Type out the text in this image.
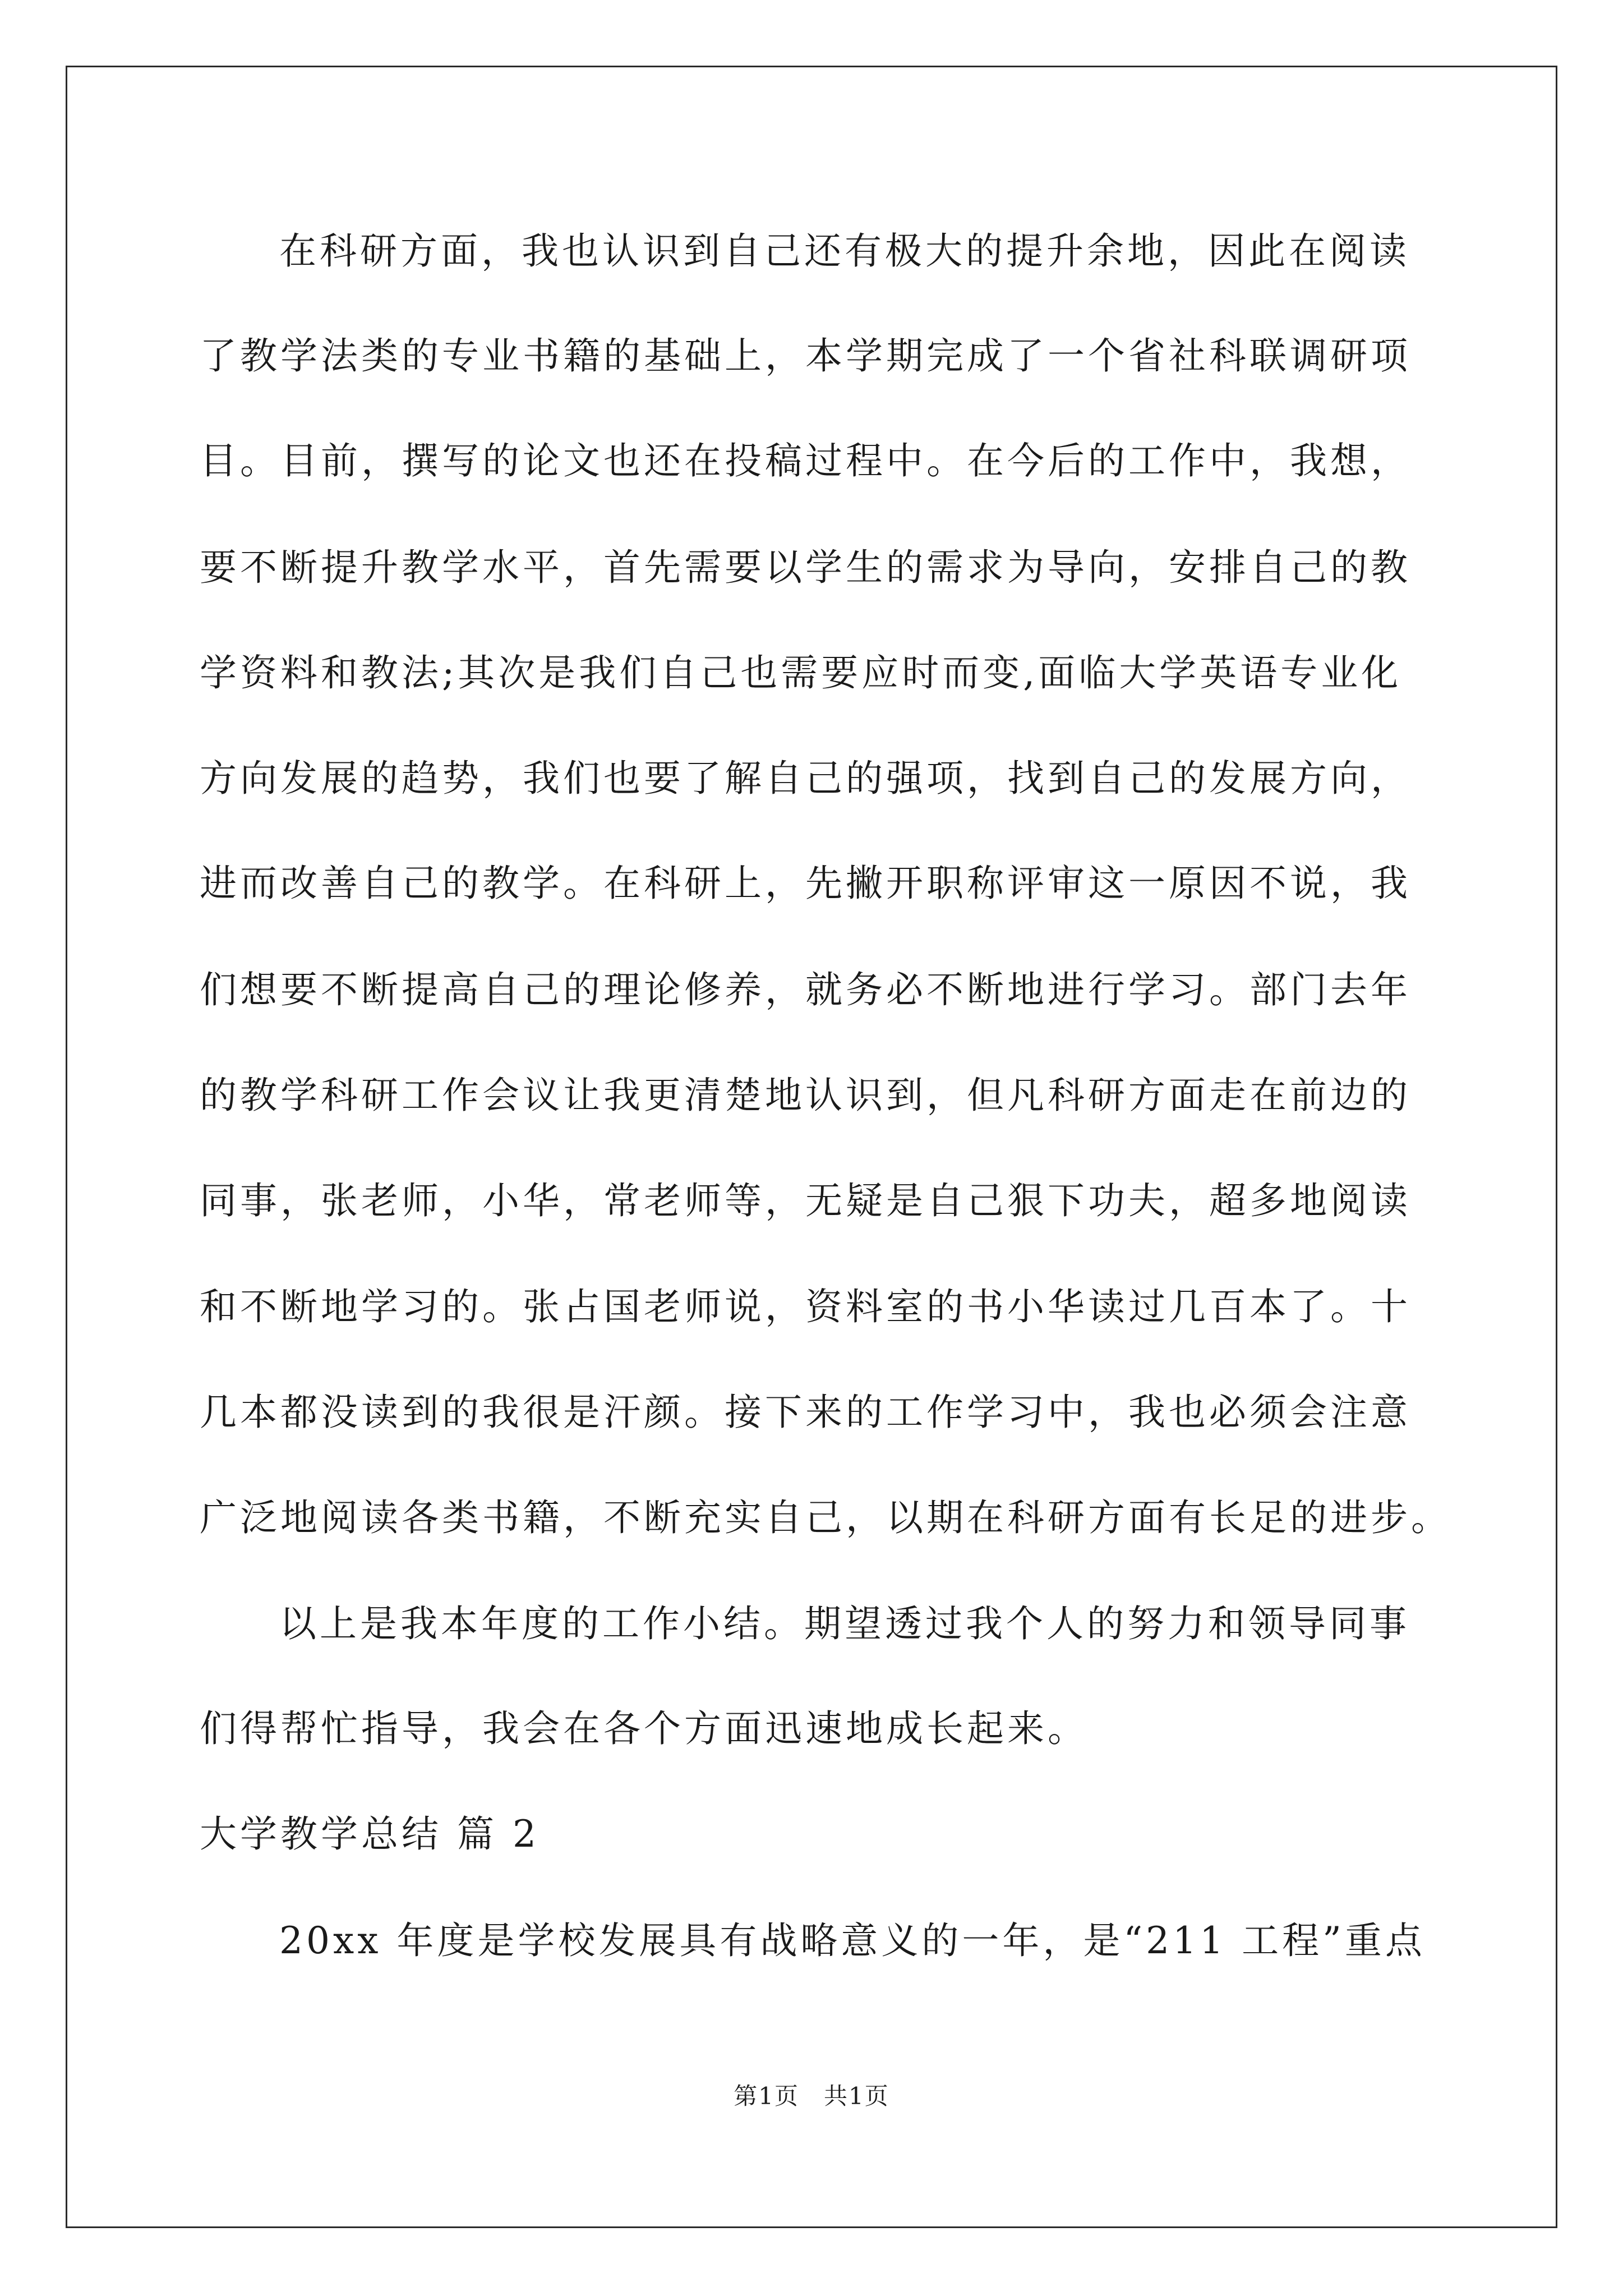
在科研方面，我也认识到自己还有极大的提升余地，因此在阅读
了教学法类的专业书籍的基础上，本学期完成了一个省社科联调研项
目。目前，撰写的论文也还在投稿过程中。在今后的工作中，我想，
要不断提升教学水平，首先需要以学生的需求为导向，安排自己的教
学资料和教法;其次是我们自己也需要应时而变,面临大学英语专业化
方向发展的趋势，我们也要了解自己的强项，找到自己的发展方向，
进而改善自己的教学。在科研上，先撇开职称评审这一原因不说，我
们想要不断提高自己的理论修养，就务必不断地进行学习。部门去年
的教学科研工作会议让我更清楚地认识到，但凡科研方面走在前边的
同事，张老师，小华，常老师等，无疑是自己狠下功夫，超多地阅读
和不断地学习的。张占国老师说，资料室的书小华读过几百本了。十
几本都没读到的我很是汗颜。接下来的工作学习中，我也必须会注意
广泛地阅读各类书籍，不断充实自己，以期在科研方面有长足的进步。
以上是我本年度的工作小结。期望透过我个人的努力和领导同事
们得帮忙指导，我会在各个方面迅速地成长起来。
大学教学总结 篇 2
20xx 年度是学校发展具有战略意义的一年，是“211 工程”重点
第1页　共1页
